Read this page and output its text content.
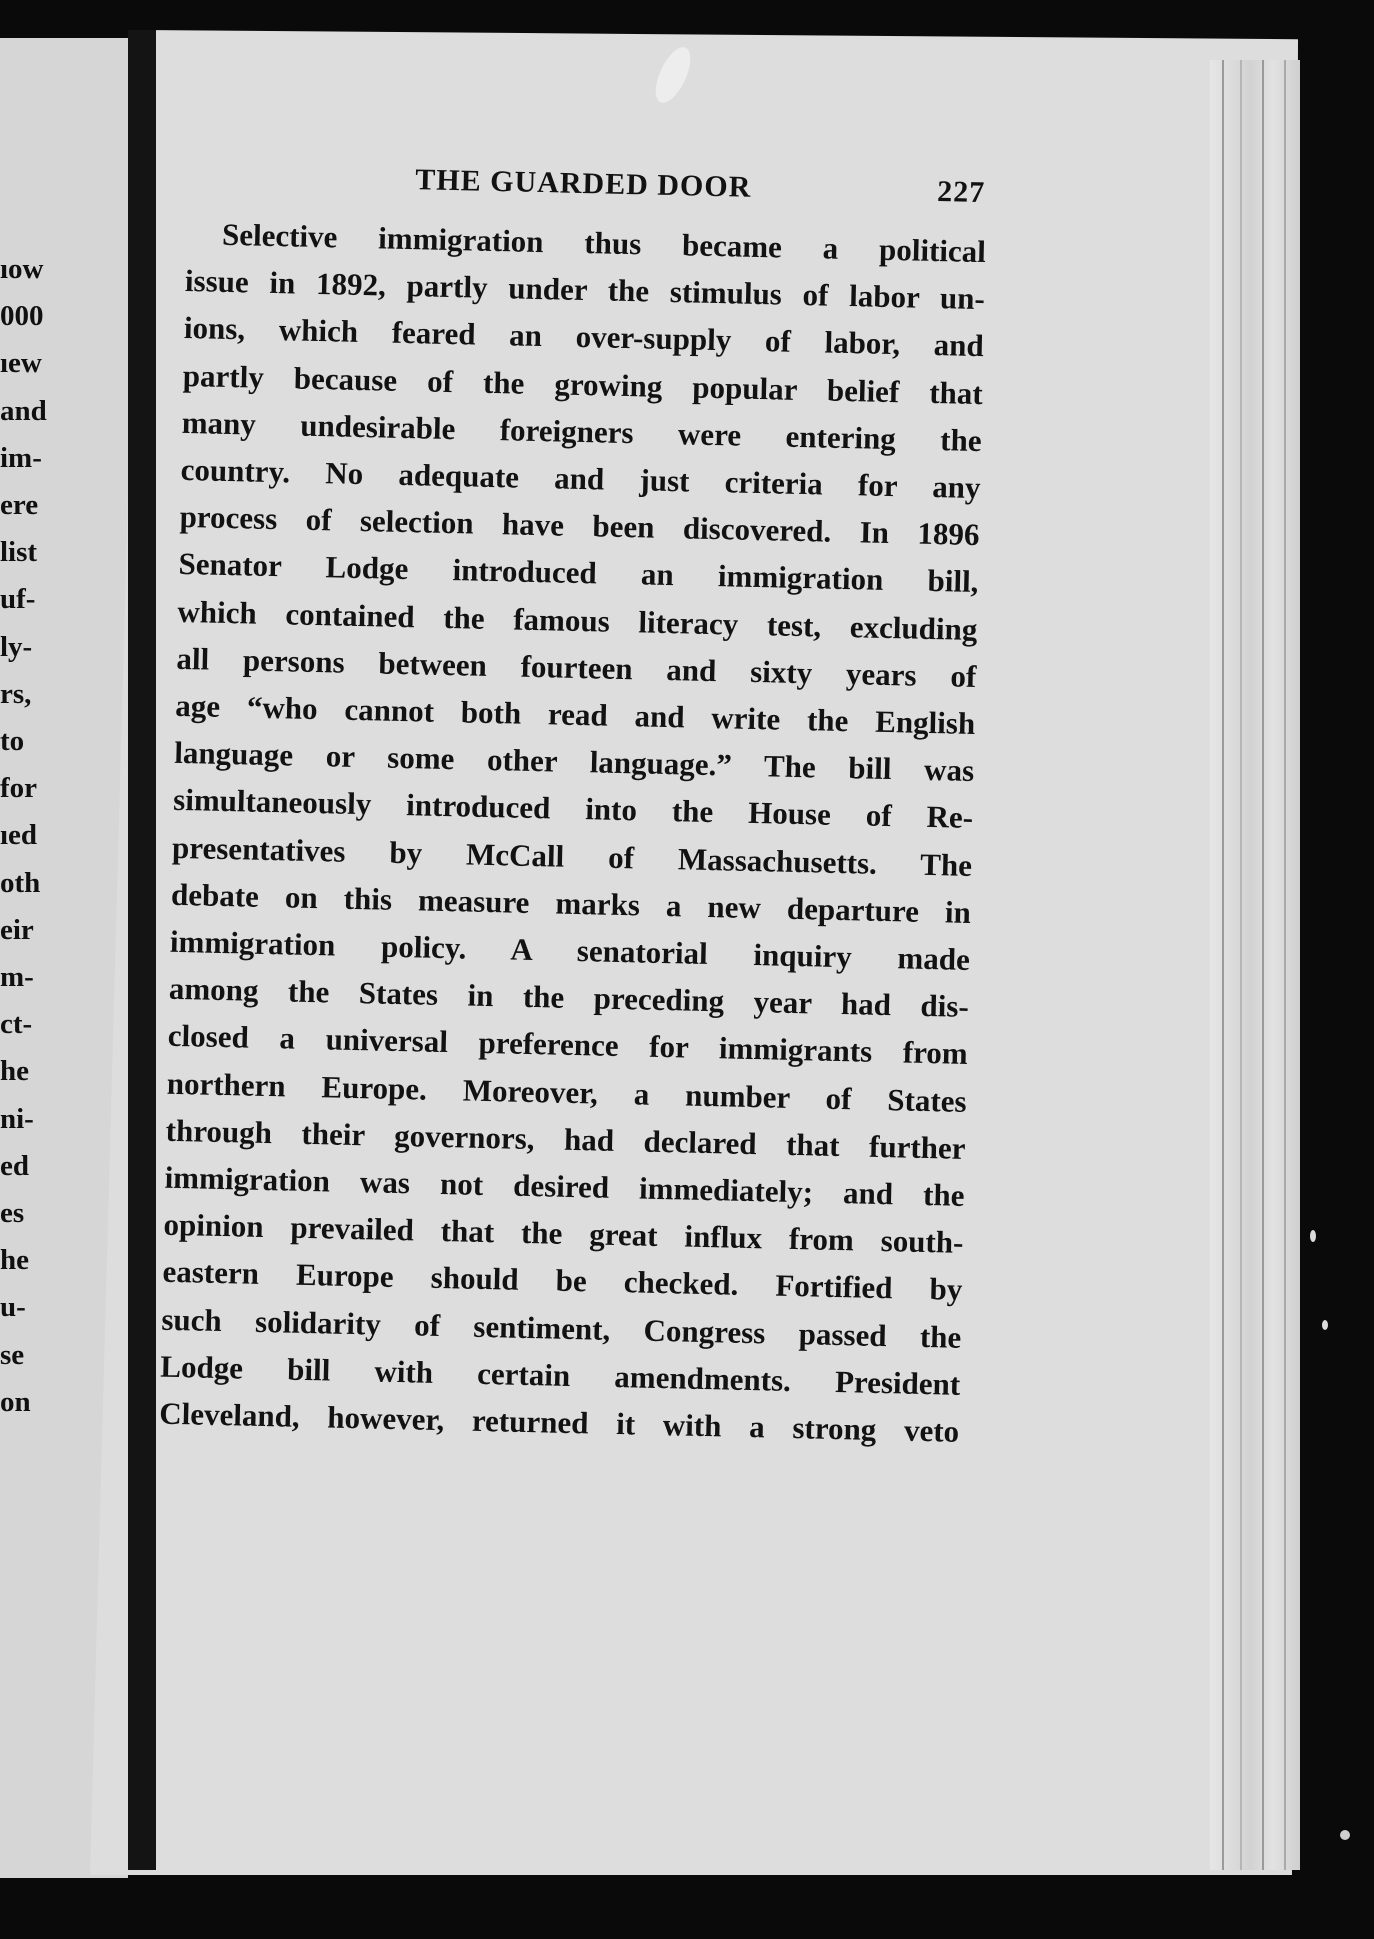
ıow
000
ıew
and
im-
ere
list
uf-
ly-
rs,
to
for
ıed
oth
eir
m-
ct-
he
ni-
ed
es
he
u-
se
on
THE GUARDED DOOR	227
Selective immigration thus became a political
issue in 1892, partly under the stimulus of labor un-
ions, which feared an over-supply of labor, and
partly because of the growing popular belief that
many undesirable foreigners were entering the
country. No adequate and just criteria for any
process of selection have been discovered. In 1896
Senator Lodge introduced an immigration bill,
which contained the famous literacy test, excluding
all persons between fourteen and sixty years of
age “who cannot both read and write the English
language or some other language.” The bill was
simultaneously introduced into the House of Re-
presentatives by McCall of Massachusetts. The
debate on this measure marks a new departure in
immigration policy. A senatorial inquiry made
among the States in the preceding year had dis-
closed a universal preference for immigrants from
northern Europe. Moreover, a number of States
through their governors, had declared that further
immigration was not desired immediately; and the
opinion prevailed that the great influx from south-
eastern Europe should be checked. Fortified by
such solidarity of sentiment, Congress passed the
Lodge bill with certain amendments. President
Cleveland, however, returned it with a strong veto
